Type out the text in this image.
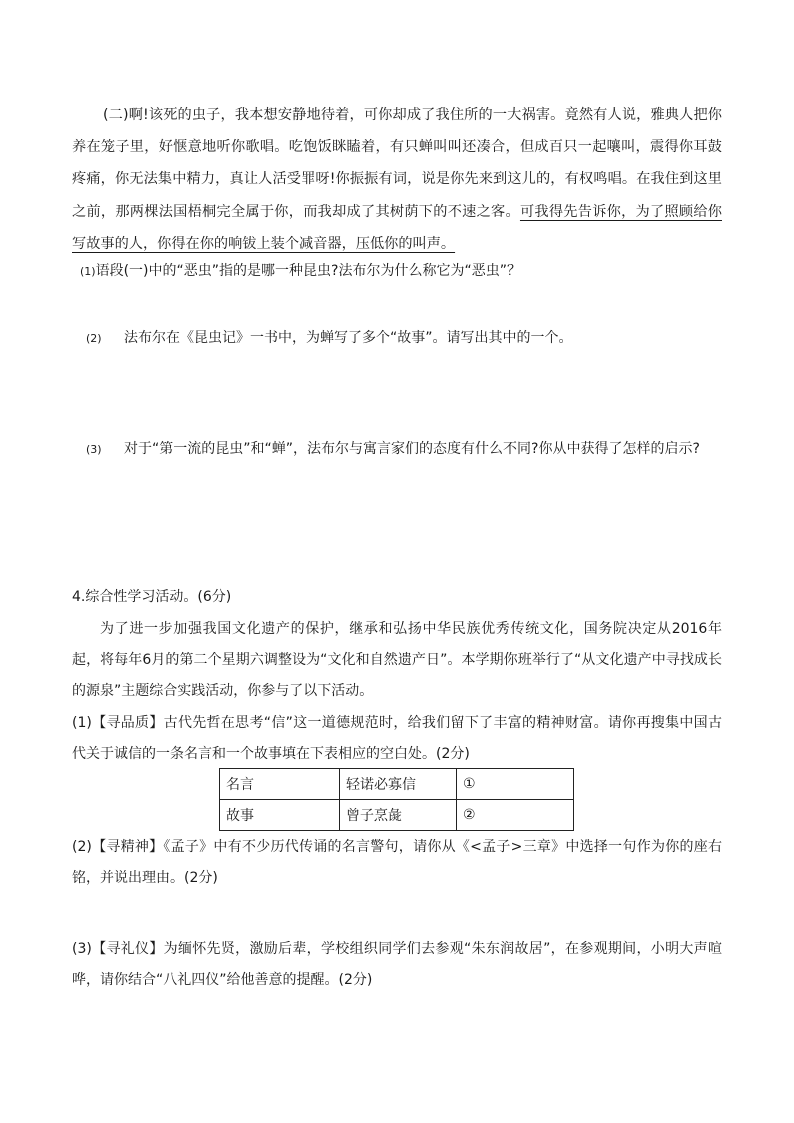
(二)啊!该死的虫子，我本想安静地待着，可你却成了我住所的一大祸害。竟然有人说，雅典人把你养在笼子里，好惬意地听你歌唱。吃饱饭眯瞌着，有只蝉叫叫还凑合，但成百只一起嚷叫，震得你耳鼓疼痛，你无法集中精力，真让人活受罪呀!你振振有词，说是你先来到这儿的，有权鸣唱。在我住到这里之前，那两棵法国梧桐完全属于你，而我却成了其树荫下的不速之客。可我得先告诉你，为了照顾给你写故事的人，你得在你的响钹上装个减音器，压低你的叫声。
(1)语段(一)中的“恶虫”指的是哪一种昆虫?法布尔为什么称它为“恶虫”？
(2) 法布尔在《昆虫记》一书中，为蝉写了多个“故事”。请写出其中的一个。
(3) 对于“第一流的昆虫”和“蝉”，法布尔与寓言家们的态度有什么不同?你从中获得了怎样的启示?
4.综合性学习活动。(6分)
为了进一步加强我国文化遗产的保护，继承和弘扬中华民族优秀传统文化，国务院决定从2016年起，将每年6月的第二个星期六调整设为“文化和自然遗产日”。本学期你班举行了“从文化遗产中寻找成长的源泉”主题综合实践活动，你参与了以下活动。
(1)【寻品质】古代先哲在思考“信”这一道德规范时，给我们留下了丰富的精神财富。请你再搜集中国古代关于诚信的一条名言和一个故事填在下表相应的空白处。(2分)
名言	轻诺必寡信	①
故事	曾子烹彘	②
(2)【寻精神】《孟子》中有不少历代传诵的名言警句，请你从《<孟子>三章》中选择一句作为你的座右铭，并说出理由。(2分)
(3)【寻礼仪】为缅怀先贤，激励后辈，学校组织同学们去参观“朱东润故居”，在参观期间，小明大声喧哗，请你结合“八礼四仪”给他善意的提醒。(2分)
